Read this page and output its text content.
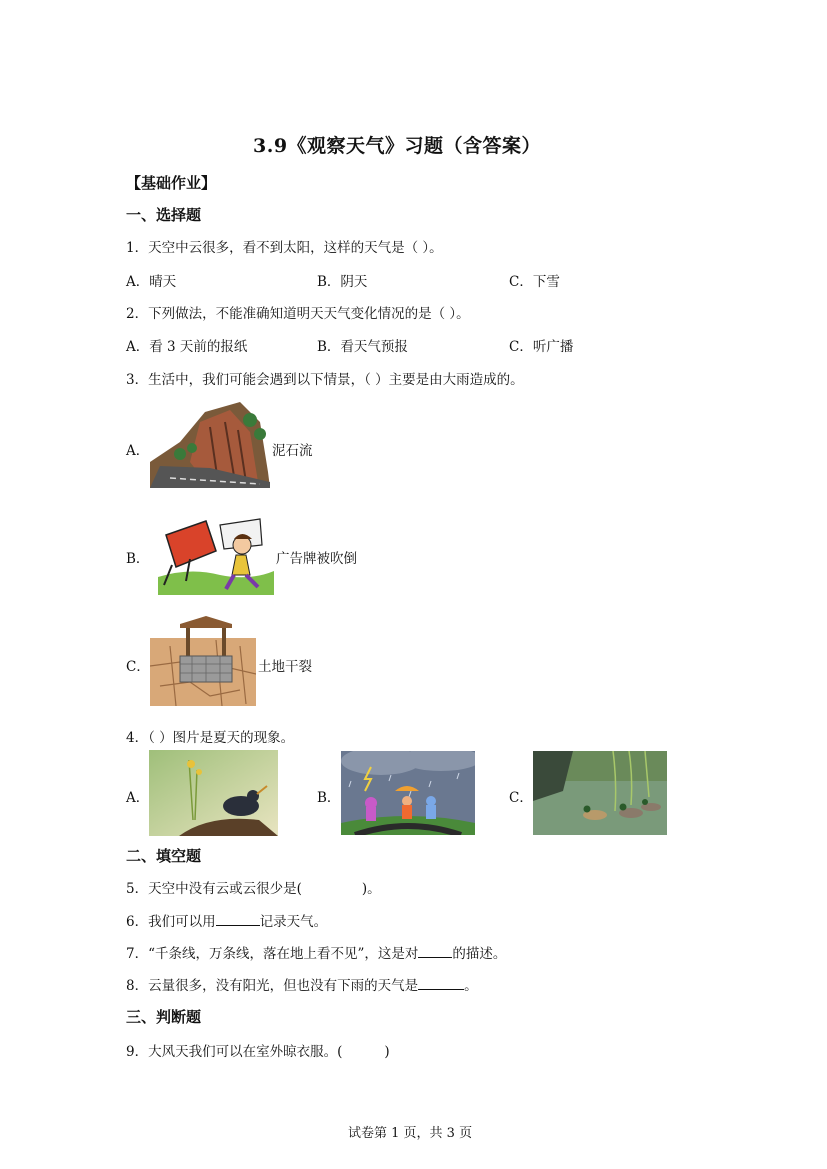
3.9《观察天气》习题（含答案）
【基础作业】
一、选择题
1．天空中云很多，看不到太阳，这样的天气是（ ）。
A．晴天	B．阴天	C．下雪
2．下列做法，不能准确知道明天天气变化情况的是（ ）。
A．看 3 天前的报纸	B．看天气预报	C．听广播
3．生活中，我们可能会遇到以下情景，（ ）主要是由大雨造成的。
A．	泥石流
B．	广告牌被吹倒
C．	土地干裂
4．（ ）图片是夏天的现象。
A．	B．	C．
二、填空题
5．天空中没有云或云很少是(	)。
6．我们可以用	记录天气。
7．“千条线，万条线，落在地上看不见”，这是对	的描述。
8．云量很多，没有阳光，但也没有下雨的天气是	。
三、判断题
9．大风天我们可以在室外晾衣服。(	)
试卷第 1 页，共 3 页
